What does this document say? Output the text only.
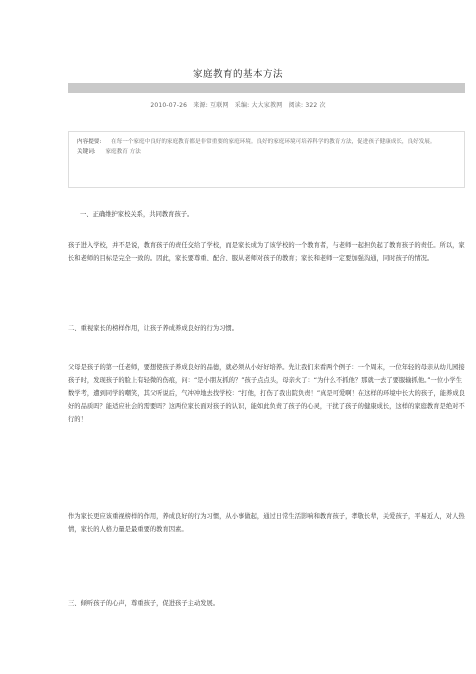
家庭教育的基本方法
2010-07-26 来源: 互联网 采编: 大大家教网 阅读: 322 次
内容提要: 在每一个家庭中良好的家庭教育都是非常重要的家庭环境。良好的家庭环境可培养科学的教育方法，促进孩子健康成长，良好发展。
关键词: 家庭教育 方法
一、正确维护家校关系，共同教育孩子。
孩子进入学校，并不是说，教育孩子的责任交给了学校，而是家长成为了该学校的一个教育者，与老师一起担负起了教育孩子的责任。所以，家长和老师的目标是完全一致的。因此，家长要尊重、配合、服从老师对孩子的教育；家长和老师一定要加强沟通，同时孩子的情况。
二、重视家长的榜样作用，让孩子养成养成良好的行为习惯。
父母是孩子的第一任老师，要想使孩子养成良好的品德，就必须从小好好培养。先让我们来看两个例子：一个周末，一位年轻的母亲从幼儿园接孩子时，发现孩子的脸上有轻微的伤痕，问：“是小朋友抓的？”孩子点点头，母亲火了：“为什么不抓他？那就一去了要服输抓他。”一位小学生数学考，遭到同学的嘲笑，其父听说后，气冲冲地去找学校：“打他，打伤了我出院负责！”真是可爱啊！在这样的环境中长大的孩子，能养成良好的品质吗？能适应社会的需要吗？这两位家长面对孩子的认识，能如此负责了孩子的心灵，干扰了孩子的健康成长，这样的家庭教育是绝对不行的！
作为家长更应该重视榜样的作用，养成良好的行为习惯，从小事做起，通过日常生活影响和教育孩子，孝敬长辈，关爱孩子，平易近人，对人热情，家长的人格力量是最重要的教育因素。
三、倾听孩子的心声，尊重孩子，促进孩子主动发展。
